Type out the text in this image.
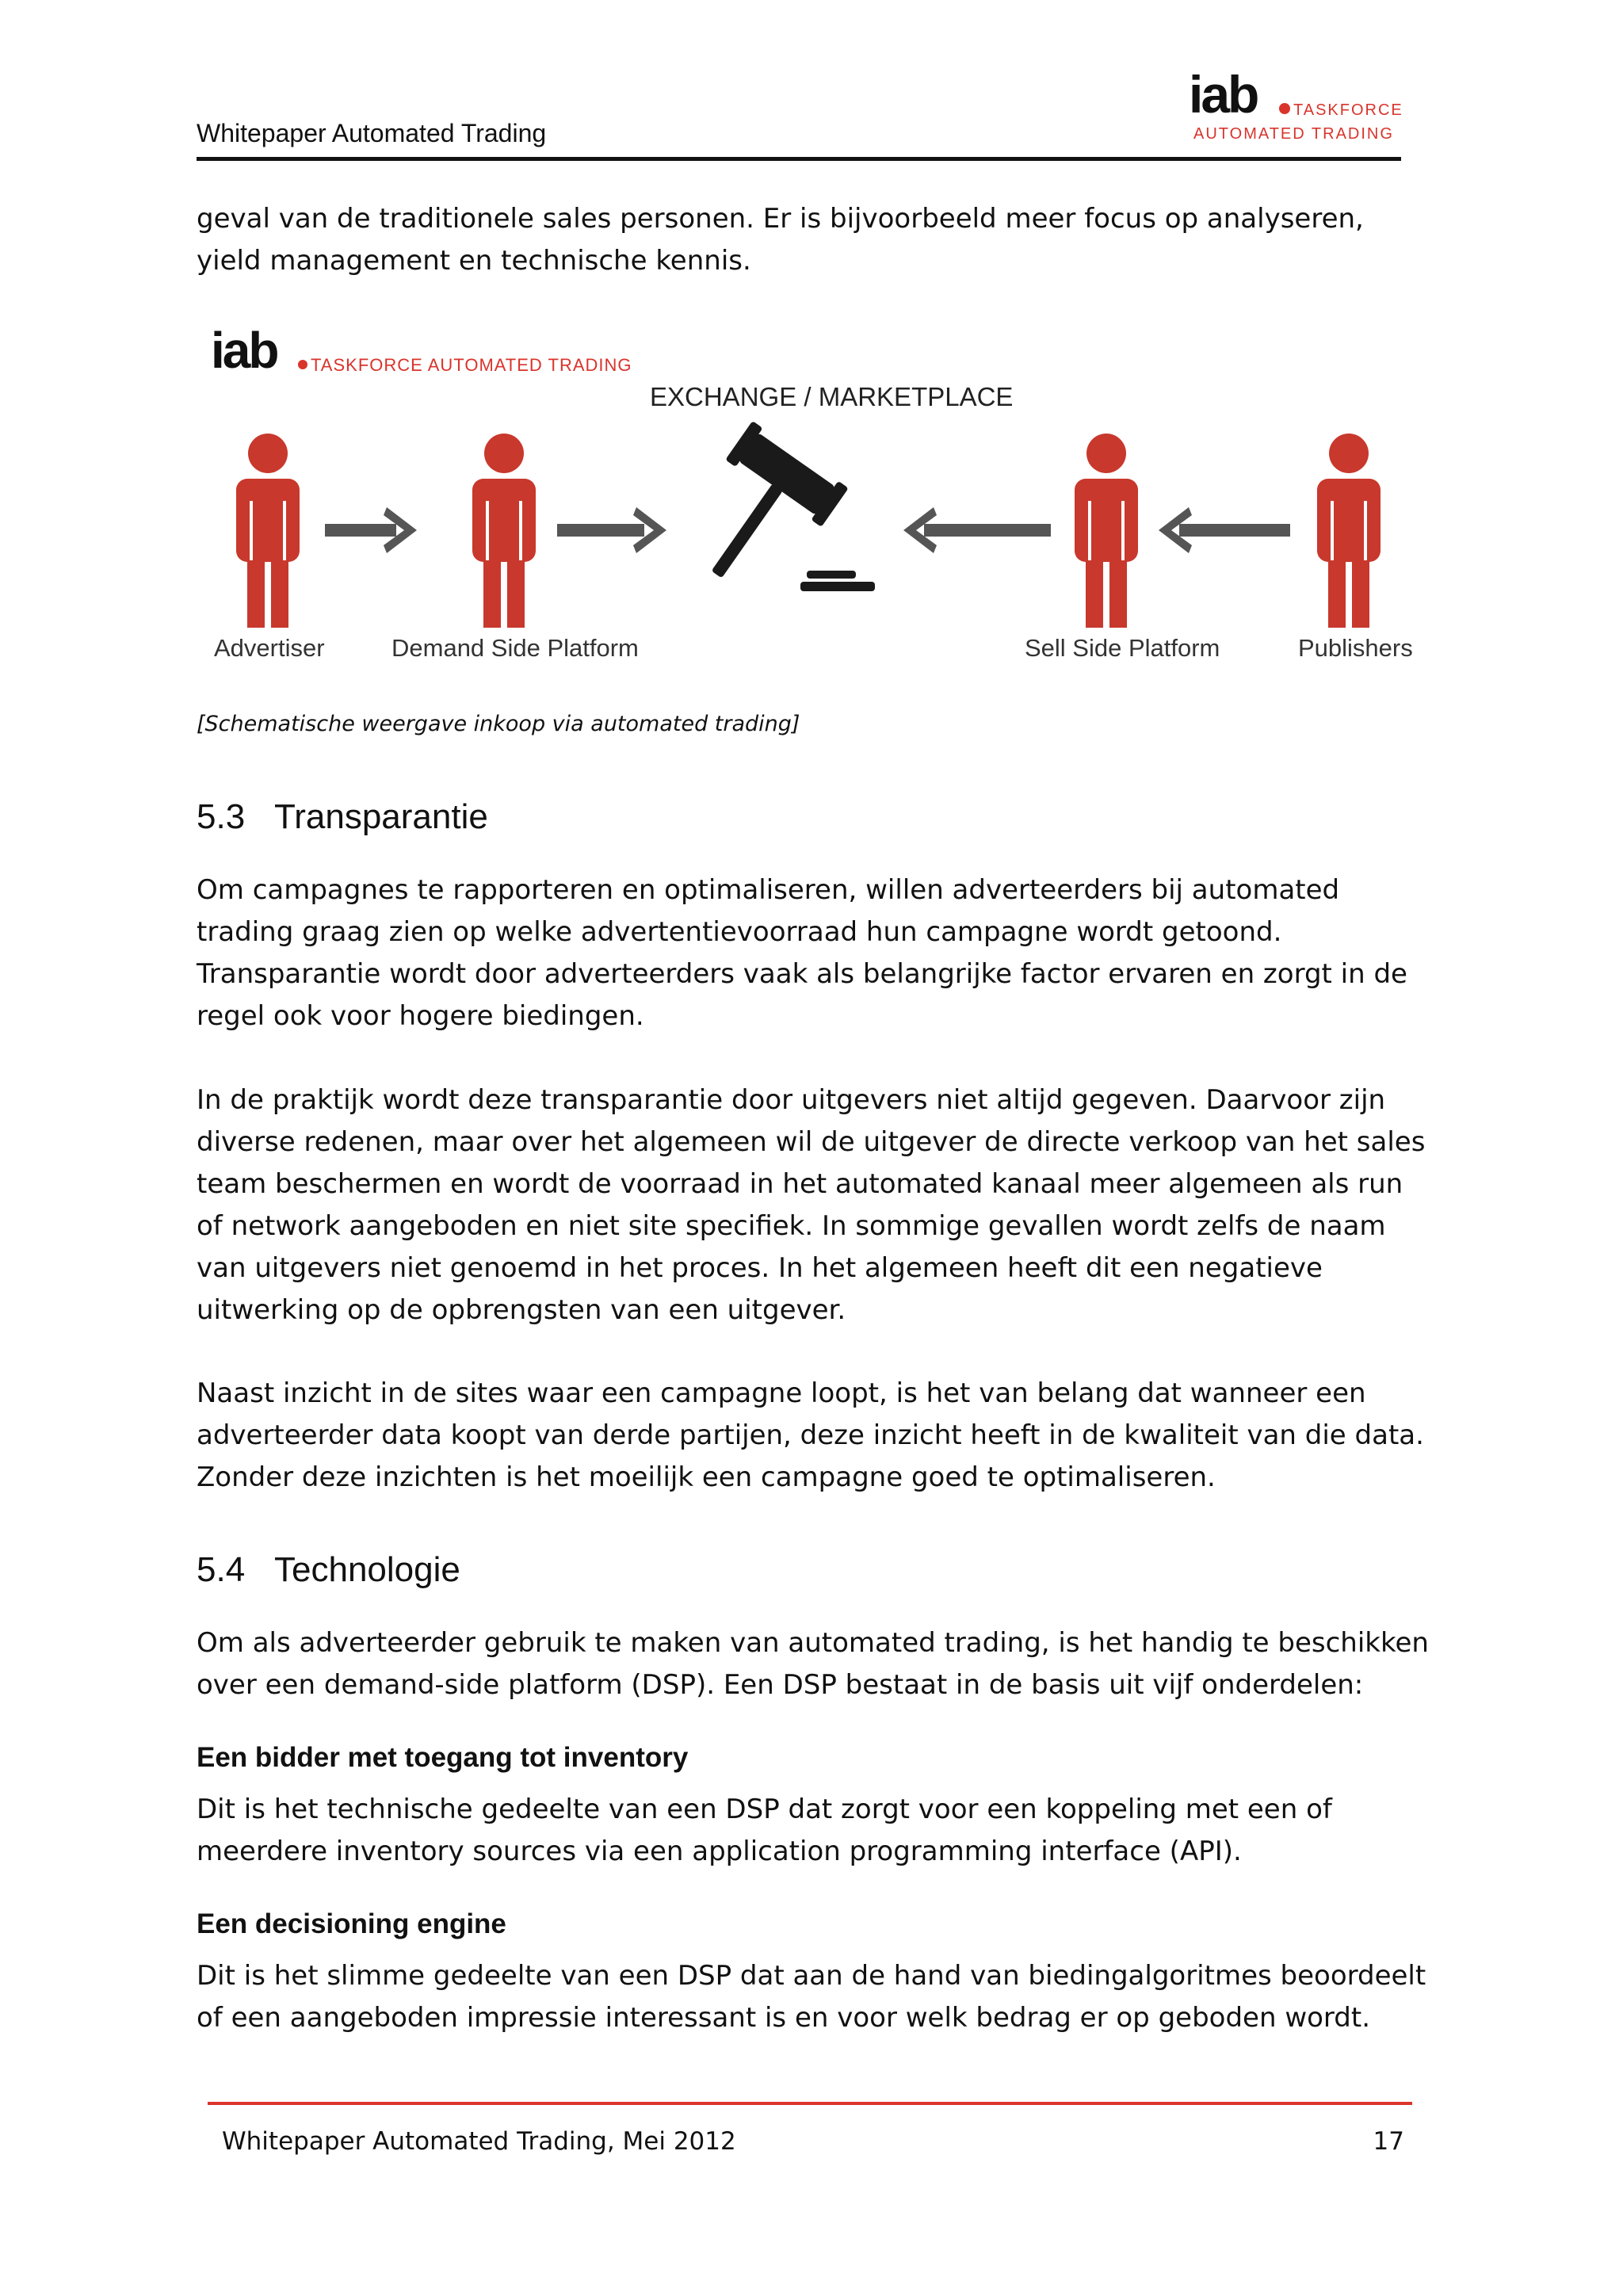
iab TASKFORCE
AUTOMATED TRADING
Whitepaper Automated Trading

geval van de traditionele sales personen. Er is bijvoorbeeld meer focus op analyseren, yield management en technische kennis.

iab TASKFORCE AUTOMATED TRADING
EXCHANGE / MARKETPLACE
Advertiser	Demand Side Platform	Sell Side Platform	Publishers
[Schematische weergave inkoop via automated trading]
5.3 Transparantie

Om campagnes te rapporteren en optimaliseren, willen adverteerders bij automated trading graag zien op welke advertentievoorraad hun campagne wordt getoond. Transparantie wordt door adverteerders vaak als belangrijke factor ervaren en zorgt in de regel ook voor hogere biedingen.

In de praktijk wordt deze transparantie door uitgevers niet altijd gegeven. Daarvoor zijn diverse redenen, maar over het algemeen wil de uitgever de directe verkoop van het sales team beschermen en wordt de voorraad in het automated kanaal meer algemeen als run of network aangeboden en niet site specifiek. In sommige gevallen wordt zelfs de naam van uitgevers niet genoemd in het proces. In het algemeen heeft dit een negatieve uitwerking op de opbrengsten van een uitgever.

Naast inzicht in de sites waar een campagne loopt, is het van belang dat wanneer een adverteerder data koopt van derde partijen, deze inzicht heeft in de kwaliteit van die data. Zonder deze inzichten is het moeilijk een campagne goed te optimaliseren.

5.4 Technologie

Om als adverteerder gebruik te maken van automated trading, is het handig te beschikken over een demand-side platform (DSP). Een DSP bestaat in de basis uit vijf onderdelen:

Een bidder met toegang tot inventory

Dit is het technische gedeelte van een DSP dat zorgt voor een koppeling met een of meerdere inventory sources via een application programming interface (API).

Een decisioning engine

Dit is het slimme gedeelte van een DSP dat aan de hand van biedingalgoritmes beoordeelt of een aangeboden impressie interessant is en voor welk bedrag er op geboden wordt.

Whitepaper Automated Trading, Mei 2012	17
